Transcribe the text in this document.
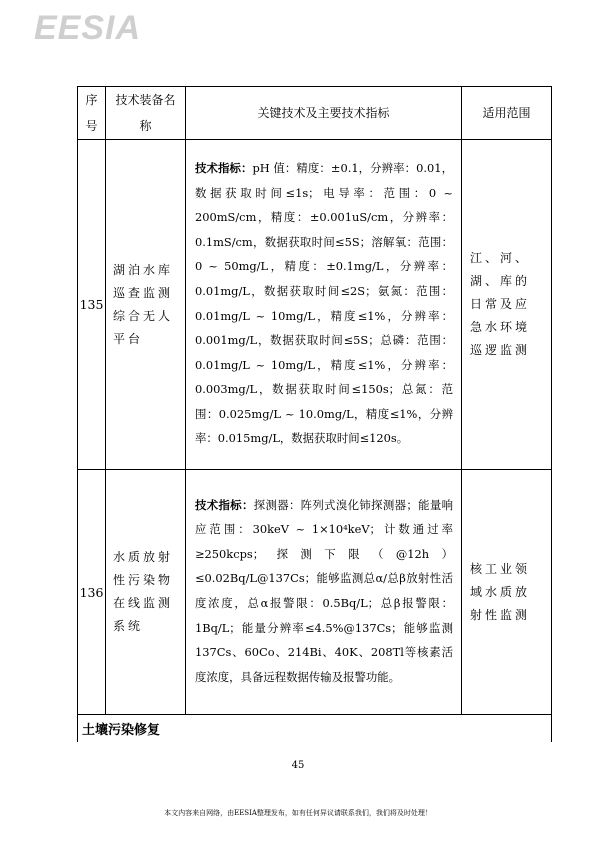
EESIA
序号	技术装备名称	关键技术及主要技术指标	适用范围
135	湖泊水库巡查监测综合无人平台	技术指标：pH 值：精度：±0.1，分辨率：0.01，数据获取时间≤1s；电导率：范围：0 ~ 200mS/cm，精度：±0.001uS/cm，分辨率：0.1mS/cm，数据获取时间≤5S；溶解氧：范围：0 ~ 50mg/L，精度：±0.1mg/L，分辨率：0.01mg/L，数据获取时间≤2S；氨氮：范围：0.01mg/L ~ 10mg/L，精度≤1%，分辨率：0.001mg/L，数据获取时间≤5S；总磷：范围：0.01mg/L ~ 10mg/L，精度≤1%，分辨率：0.003mg/L，数据获取时间≤150s；总氮：范围：0.025mg/L ~ 10.0mg/L，精度≤1%，分辨率：0.015mg/L，数据获取时间≤120s。	江、河、湖、库的日常及应急水环境巡逻监测
136	水质放射性污染物在线监测系统	技术指标：探测器：阵列式溴化铈探测器；能量响应范围：30keV ~ 1×10⁴keV；计数通过率≥250kcps；探测下限（@12h）≤0.02Bq/L@137Cs；能够监测总α/总β放射性活度浓度，总α报警限：0.5Bq/L；总β报警限：1Bq/L；能量分辨率≤4.5%@137Cs；能够监测137Cs、60Co、214Bi、40K、208Tl等核素活度浓度，具备远程数据传输及报警功能。	核工业领域水质放射性监测
土壤污染修复			
45
本文内容来自网络，由EESIA整理发布，如有任何异议请联系我们，我们将及时处理！
